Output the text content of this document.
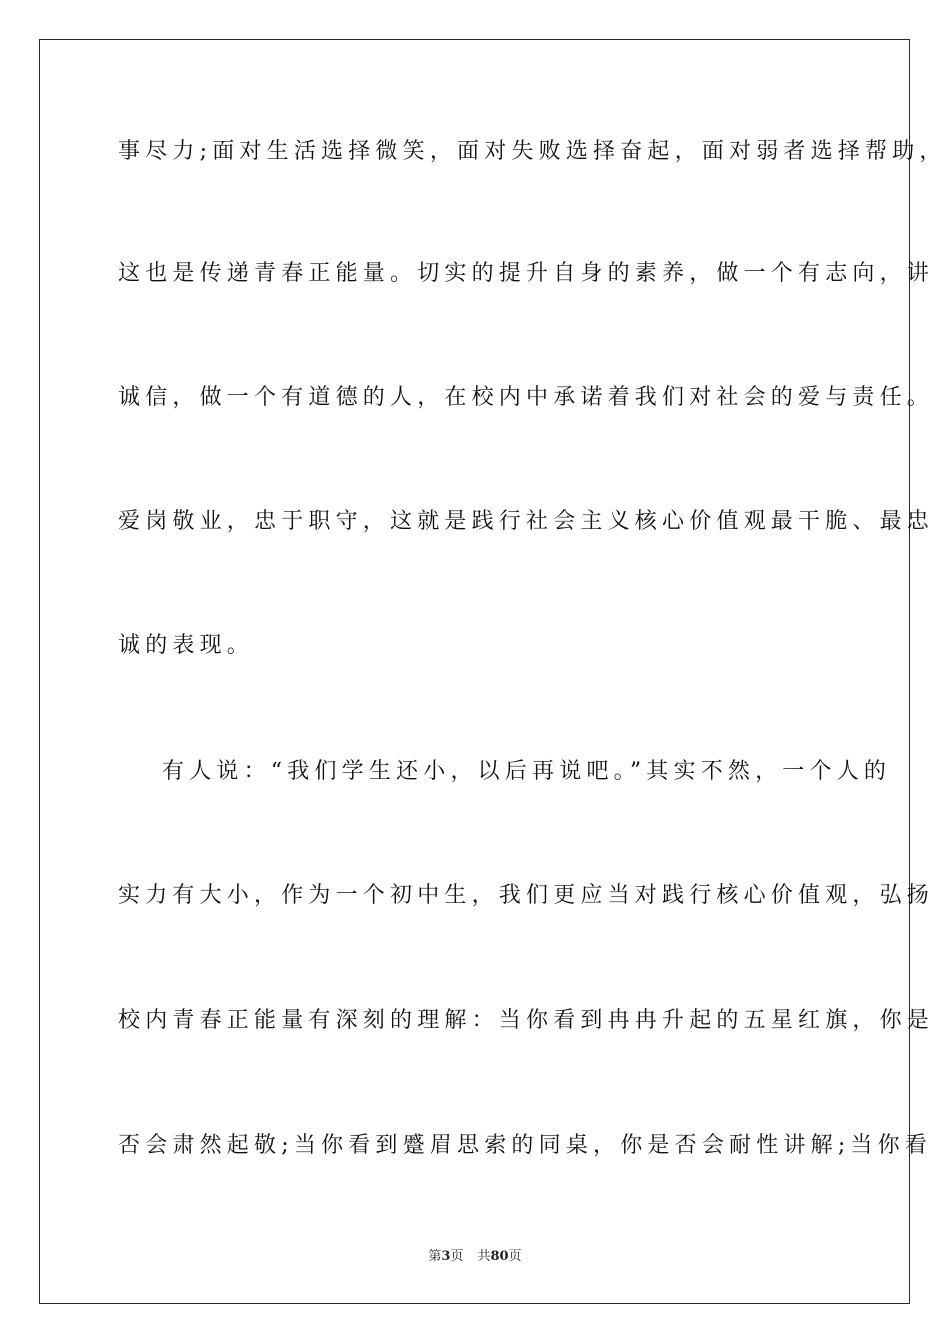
事尽力;面对生活选择微笑，面对失败选择奋起，面对弱者选择帮助，
这也是传递青春正能量。切实的提升自身的素养，做一个有志向，讲
诚信，做一个有道德的人，在校内中承诺着我们对社会的爱与责任。
爱岗敬业，忠于职守，这就是践行社会主义核心价值观最干脆、最忠
诚的表现。
有人说：“我们学生还小，以后再说吧。”其实不然，一个人的
实力有大小，作为一个初中生，我们更应当对践行核心价值观，弘扬
校内青春正能量有深刻的理解：当你看到冉冉升起的五星红旗，你是
否会肃然起敬;当你看到蹙眉思索的同桌，你是否会耐性讲解;当你看
第3页 共80页
